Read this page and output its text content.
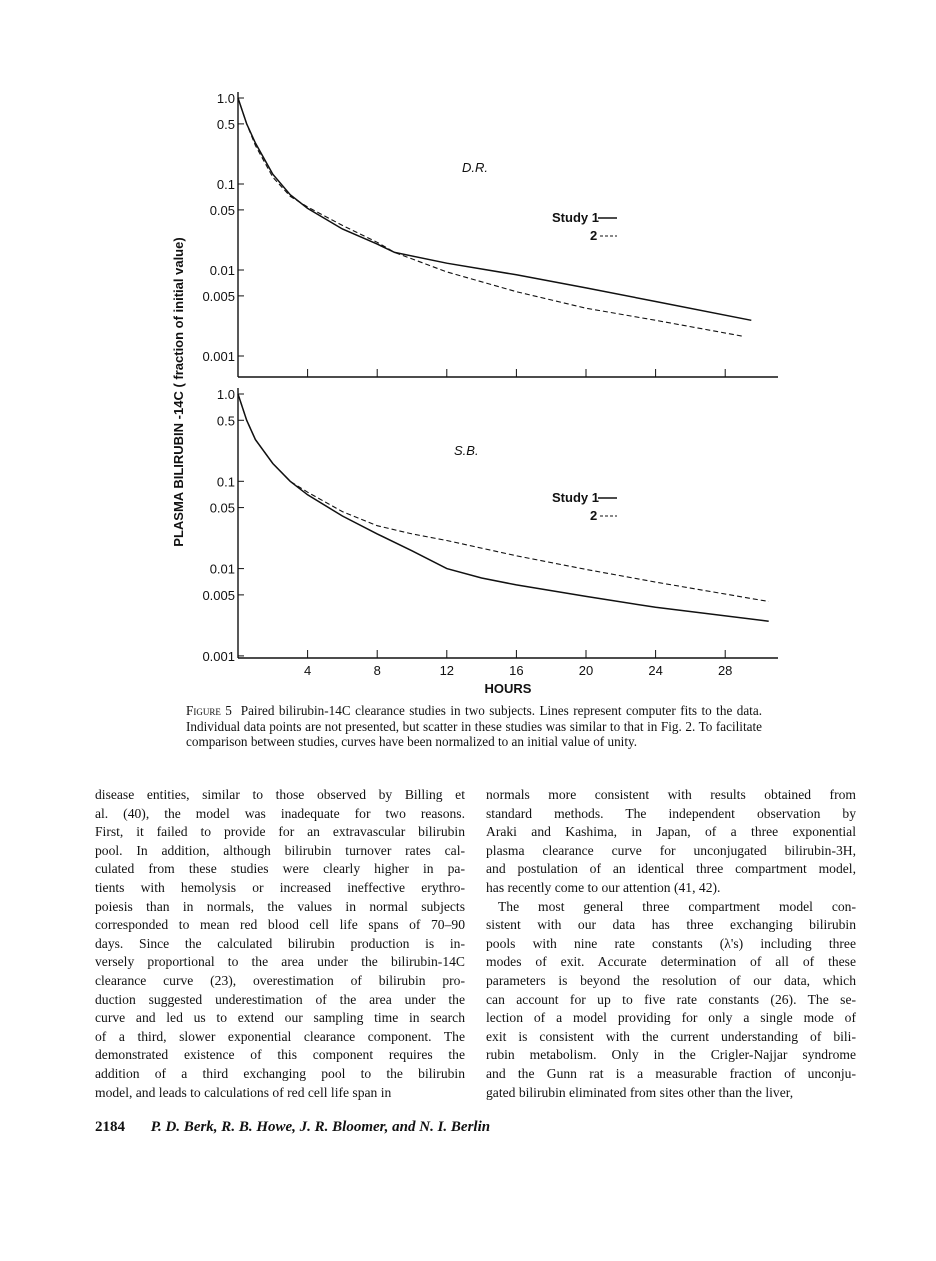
1.0
0.5
0.1
0.05
0.01
0.005
0.001
D.R.
Study 1
2
1.0
0.5
0.1
0.05
0.01
0.005
0.001
4	8	12	16	20	24	28
S.B.
Study 1
2
HOURS
PLASMA BILIRUBIN -14C ( fraction of initial value)
Figure 5 Paired bilirubin-14C clearance studies in two subjects. Lines represent computer fits to the data. Individual data points are not presented, but scatter in these studies was similar to that in Fig. 2. To facilitate comparison between studies, curves have been normalized to an initial value of unity.
disease entities, similar to those observed by Billing et
al. (40), the model was inadequate for two reasons.
First, it failed to provide for an extravascular bilirubin
pool. In addition, although bilirubin turnover rates cal-
culated from these studies were clearly higher in pa-
tients with hemolysis or increased ineffective erythro-
poiesis than in normals, the values in normal subjects
corresponded to mean red blood cell life spans of 70–90
days. Since the calculated bilirubin production is in-
versely proportional to the area under the bilirubin-14C
clearance curve (23), overestimation of bilirubin pro-
duction suggested underestimation of the area under the
curve and led us to extend our sampling time in search
of a third, slower exponential clearance component. The
demonstrated existence of this component requires the
addition of a third exchanging pool to the bilirubin
model, and leads to calculations of red cell life span in
normals more consistent with results obtained from
standard methods. The independent observation by
Araki and Kashima, in Japan, of a three exponential
plasma clearance curve for unconjugated bilirubin-3H,
and postulation of an identical three compartment model,
has recently come to our attention (41, 42).
The most general three compartment model con-
sistent with our data has three exchanging bilirubin
pools with nine rate constants (λ's) including three
modes of exit. Accurate determination of all of these
parameters is beyond the resolution of our data, which
can account for up to five rate constants (26). The se-
lection of a model providing for only a single mode of
exit is consistent with the current understanding of bili-
rubin metabolism. Only in the Crigler-Najjar syndrome
and the Gunn rat is a measurable fraction of unconju-
gated bilirubin eliminated from sites other than the liver,
2184 P. D. Berk, R. B. Howe, J. R. Bloomer, and N. I. Berlin
